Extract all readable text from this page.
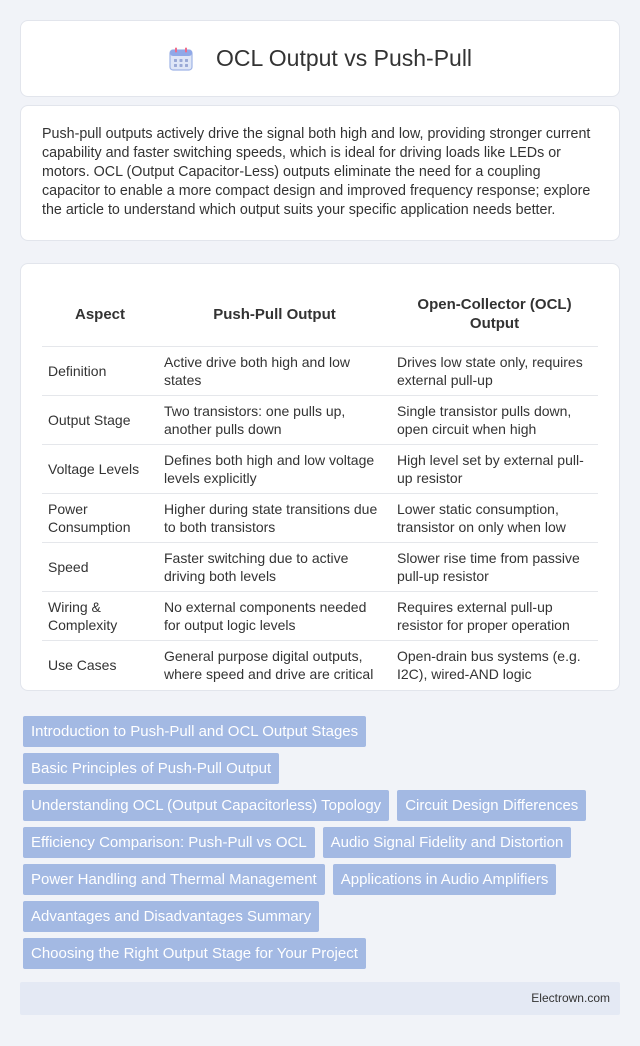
OCL Output vs Push-Pull

Push-pull outputs actively drive the signal both high and low, providing stronger current capability and faster switching speeds, which is ideal for driving loads like LEDs or motors. OCL (Output Capacitor-Less) outputs eliminate the need for a coupling capacitor to enable a more compact design and improved frequency response; explore the article to understand which output suits your specific application needs better.

Aspect	Push-Pull Output	Open-Collector (OCL) Output
Definition	Active drive both high and low states	Drives low state only, requires external pull-up
Output Stage	Two transistors: one pulls up, another pulls down	Single transistor pulls down, open circuit when high
Voltage Levels	Defines both high and low voltage levels explicitly	High level set by external pull-up resistor
Power Consumption	Higher during state transitions due to both transistors	Lower static consumption, transistor on only when low
Speed	Faster switching due to active driving both levels	Slower rise time from passive pull-up resistor
Wiring & Complexity	No external components needed for output logic levels	Requires external pull-up resistor for proper operation
Use Cases	General purpose digital outputs, where speed and drive are critical	Open-drain bus systems (e.g. I2C), wired-AND logic
Introduction to Push-Pull and OCL Output Stages
Basic Principles of Push-Pull Output
Understanding OCL (Output Capacitorless) Topology	Circuit Design Differences
Efficiency Comparison: Push-Pull vs OCL	Audio Signal Fidelity and Distortion
Power Handling and Thermal Management	Applications in Audio Amplifiers
Advantages and Disadvantages Summary
Choosing the Right Output Stage for Your Project
Electrown.com
